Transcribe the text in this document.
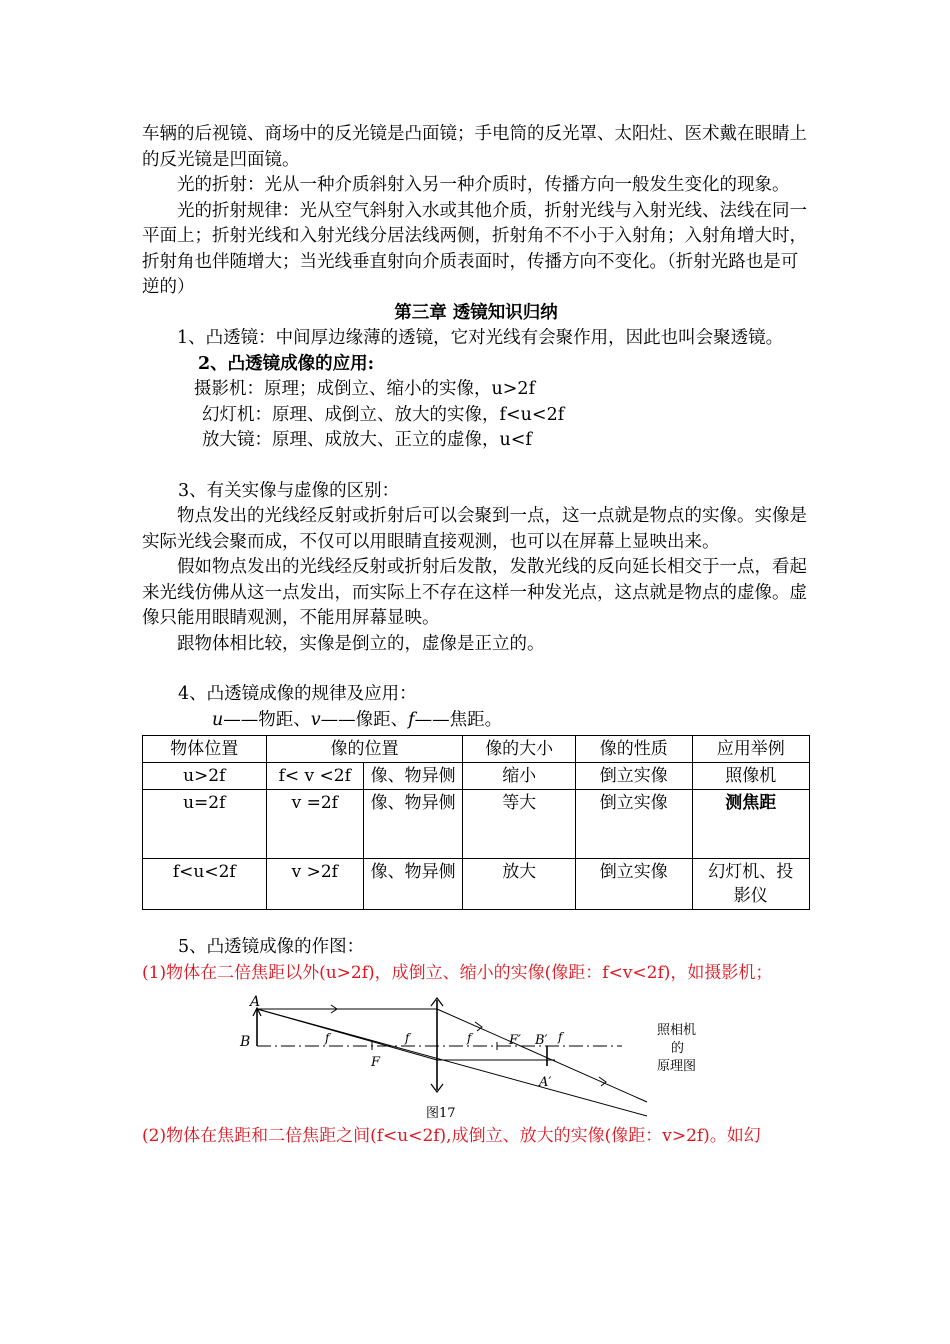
车辆的后视镜、商场中的反光镜是凸面镜；手电筒的反光罩、太阳灶、医术戴在眼睛上的反光镜是凹面镜。

光的折射：光从一种介质斜射入另一种介质时，传播方向一般发生变化的现象。

光的折射规律：光从空气斜射入水或其他介质，折射光线与入射光线、法线在同一平面上；折射光线和入射光线分居法线两侧，折射角不不小于入射角；入射角增大时，折射角也伴随增大；当光线垂直射向介质表面时，传播方向不变化。（折射光路也是可逆的）

第三章 透镜知识归纳

1、凸透镜：中间厚边缘薄的透镜，它对光线有会聚作用，因此也叫会聚透镜。

2、凸透镜成像的应用:

摄影机：原理；成倒立、缩小的实像，u>2f

幻灯机：原理、成倒立、放大的实像，f<u<2f

放大镜：原理、成放大、正立的虚像，u<f

3、有关实像与虚像的区别：

物点发出的光线经反射或折射后可以会聚到一点，这一点就是物点的实像。实像是实际光线会聚而成，不仅可以用眼睛直接观测，也可以在屏幕上显映出来。

假如物点发出的光线经反射或折射后发散，发散光线的反向延长相交于一点，看起来光线仿佛从这一点发出，而实际上不存在这样一种发光点，这点就是物点的虚像。虚像只能用眼睛观测，不能用屏幕显映。

跟物体相比较，实像是倒立的，虚像是正立的。

4、凸透镜成像的规律及应用：

u——物距、v——像距、f——焦距。

物体位置	像的位置		像的大小	像的性质	应用举例
u>2f	f< v <2f	像、物异侧	缩小	倒立实像	照像机
u=2f	v =2f	像、物异侧	等大	倒立实像	测焦距
f<u<2f	v >2f	像、物异侧	放大	倒立实像	幻灯机、投影仪

5、凸透镜成像的作图：

(1)物体在二倍焦距以外(u>2f)，成倒立、缩小的实像(像距：f<v<2f)，如摄影机；

A
B	f	f	f
F
F′ B′ f
A′
图17
照相机
的
原理图

(2)物体在焦距和二倍焦距之间(f<u<2f),成倒立、放大的实像(像距：v>2f)。如幻
